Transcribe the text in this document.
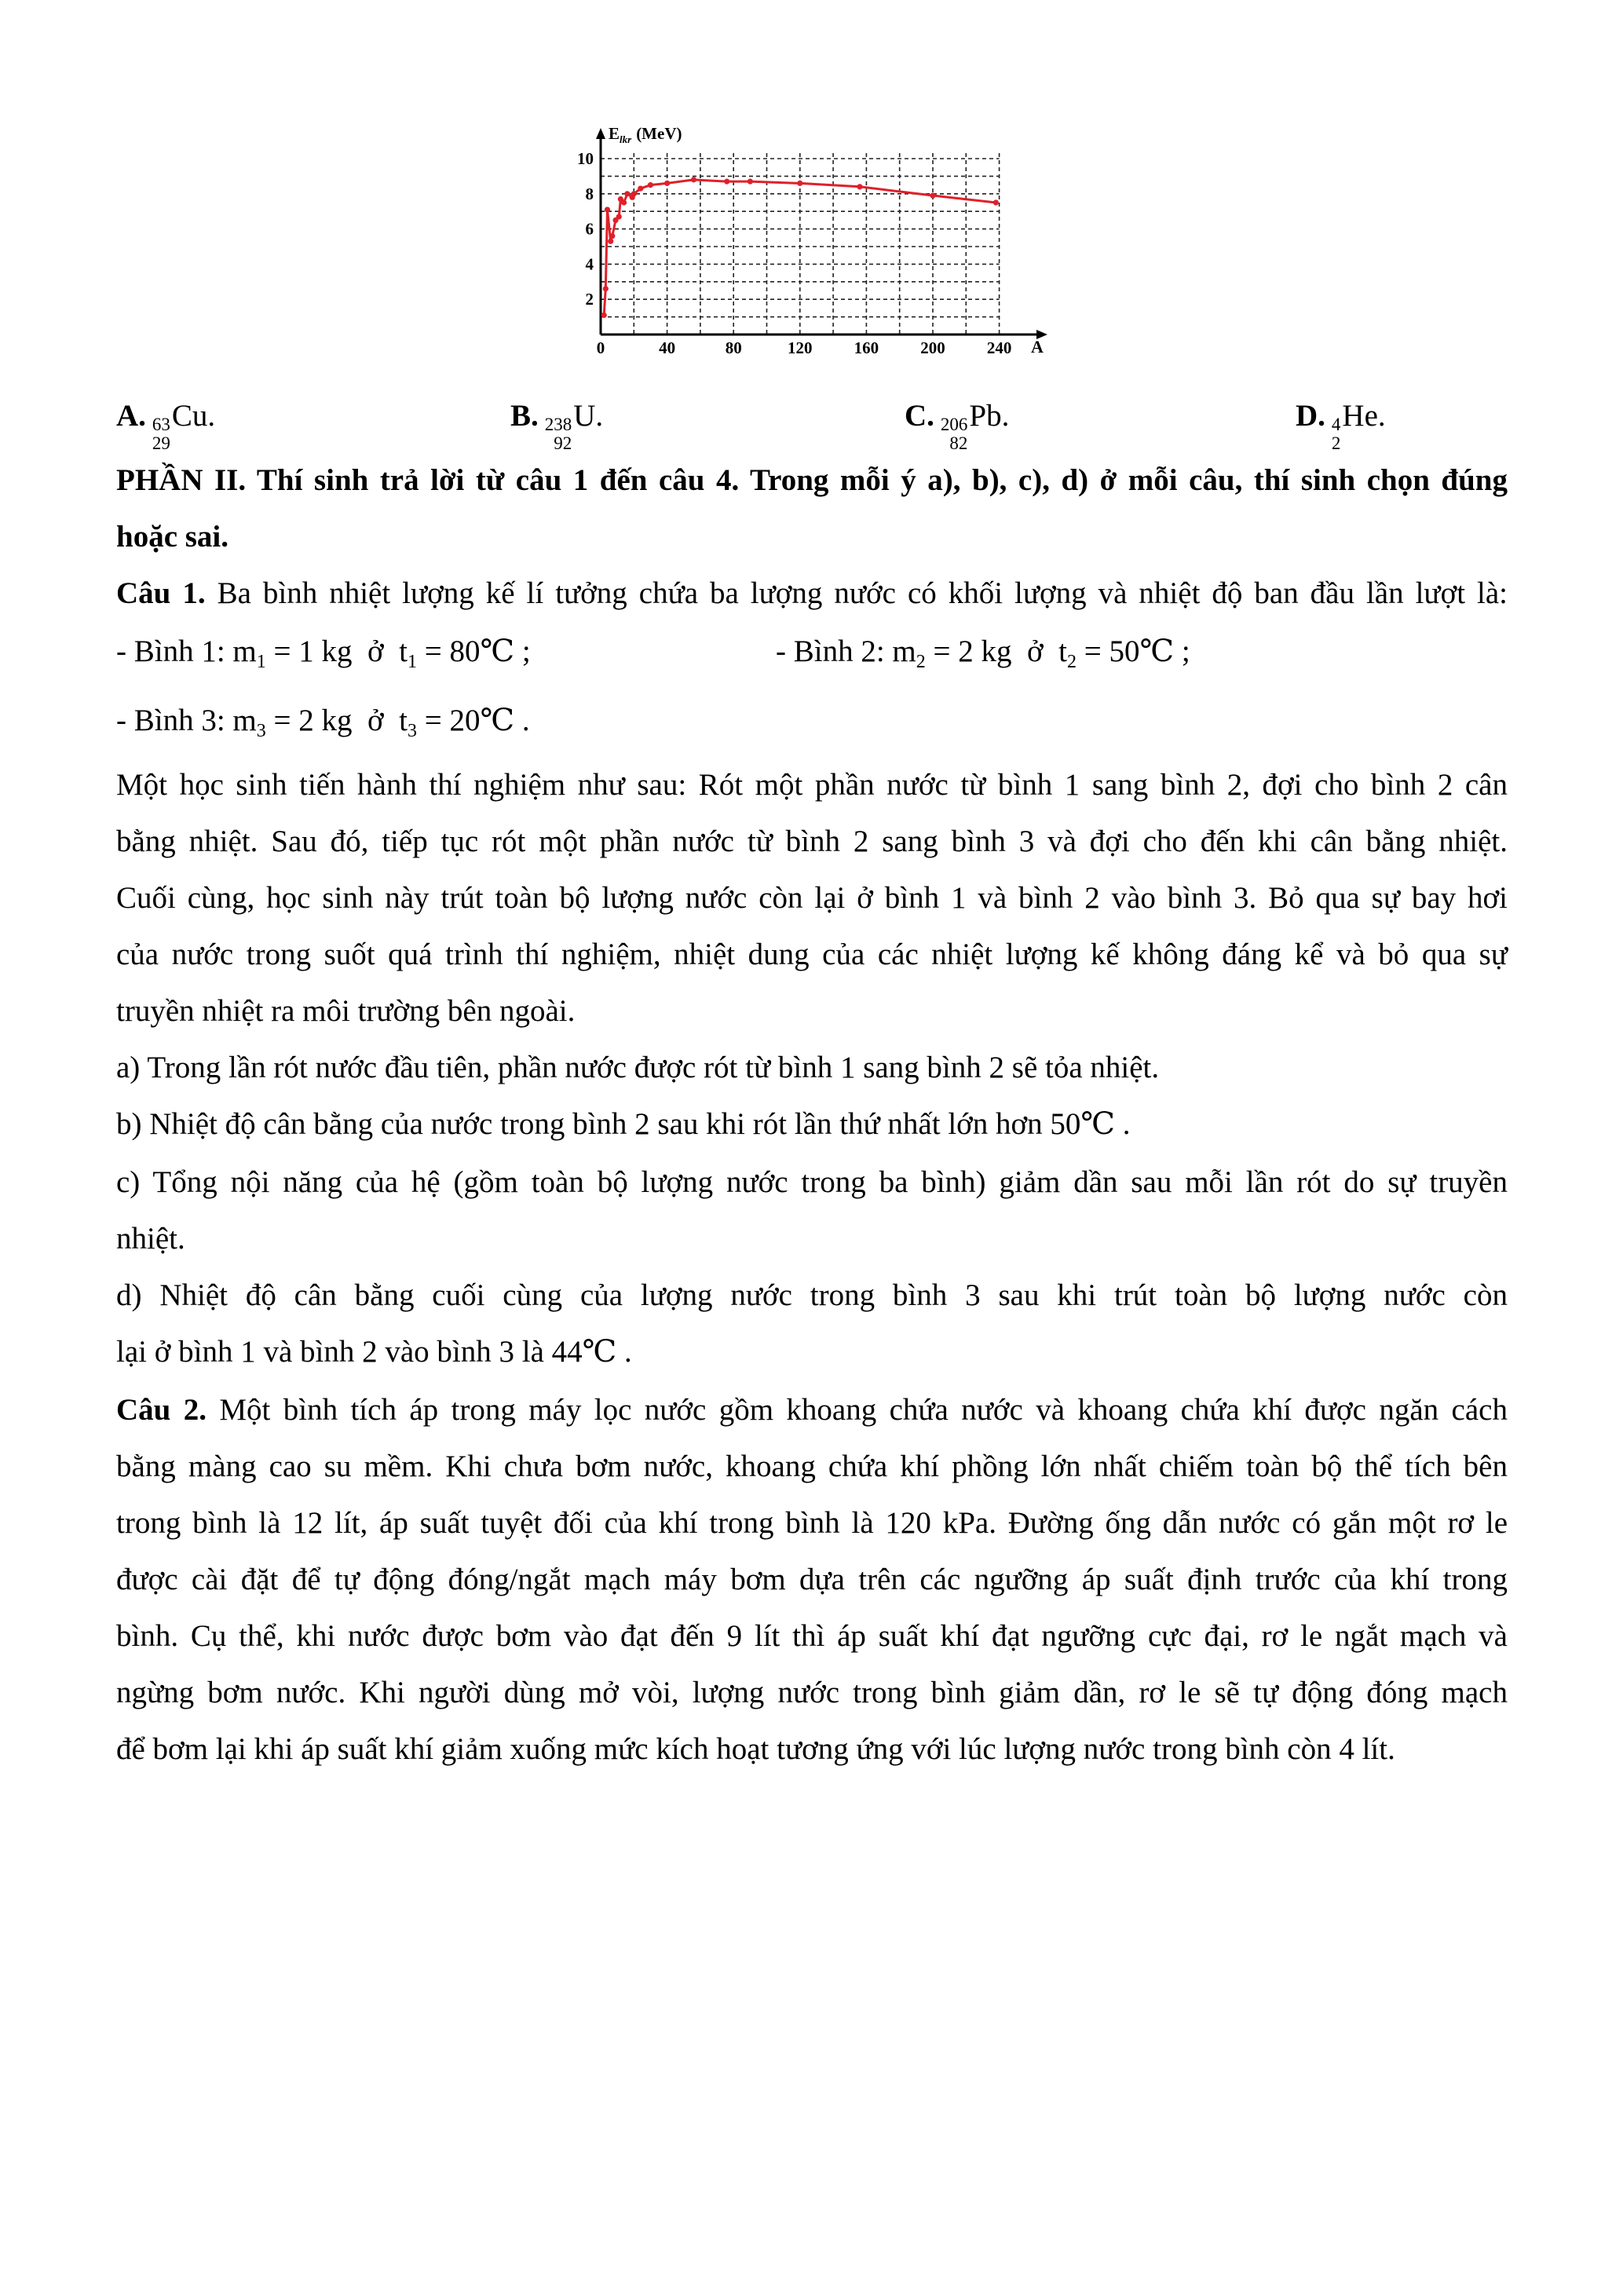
$E_{lkr}$ (MeV)
A
0	40	80	120	160	200	240
2
4
6
8
10
A. 63
29
Cu.	B. 238
92
U.	C. 206
82
Pb.	D. 4
2
He.
PHẦN II. Thí sinh trả lời từ câu 1 đến câu 4. Trong mỗi ý a), b), c), d) ở mỗi câu, thí sinh chọn đúng
hoặc sai.
Câu 1. Ba bình nhiệt lượng kế lí tưởng chứa ba lượng nước có khối lượng và nhiệt độ ban đầu lần lượt là:
- Bình 1: $m_1 = 1$ kg  ở  $t_1$ = 80℃ ;	- Bình 2: $m_2 = 2$ kg  ở  $t_2$ = 50℃ ;
- Bình 3: $m_3 = 2$ kg  ở  $t_3$ = 20℃ .
Một học sinh tiến hành thí nghiệm như sau: Rót một phần nước từ bình 1 sang bình 2, đợi cho bình 2 cân
bằng nhiệt. Sau đó, tiếp tục rót một phần nước từ bình 2 sang bình 3 và đợi cho đến khi cân bằng nhiệt.
Cuối cùng, học sinh này trút toàn bộ lượng nước còn lại ở bình 1 và bình 2 vào bình 3. Bỏ qua sự bay hơi
của nước trong suốt quá trình thí nghiệm, nhiệt dung của các nhiệt lượng kế không đáng kể và bỏ qua sự
truyền nhiệt ra môi trường bên ngoài.
a) Trong lần rót nước đầu tiên, phần nước được rót từ bình 1 sang bình 2 sẽ tỏa nhiệt.
b) Nhiệt độ cân bằng của nước trong bình 2 sau khi rót lần thứ nhất lớn hơn 50℃ .
c) Tổng nội năng của hệ (gồm toàn bộ lượng nước trong ba bình) giảm dần sau mỗi lần rót do sự truyền
nhiệt.
d) Nhiệt độ cân bằng cuối cùng của lượng nước trong bình 3 sau khi trút toàn bộ lượng nước còn
lại ở bình 1 và bình 2 vào bình 3 là 44℃ .
Câu 2. Một bình tích áp trong máy lọc nước gồm khoang chứa nước và khoang chứa khí được ngăn cách
bằng màng cao su mềm. Khi chưa bơm nước, khoang chứa khí phồng lớn nhất chiếm toàn bộ thể tích bên
trong bình là 12 lít, áp suất tuyệt đối của khí trong bình là 120 kPa. Đường ống dẫn nước có gắn một rơ le
được cài đặt để tự động đóng/ngắt mạch máy bơm dựa trên các ngưỡng áp suất định trước của khí trong
bình. Cụ thể, khi nước được bơm vào đạt đến 9 lít thì áp suất khí đạt ngưỡng cực đại, rơ le ngắt mạch và
ngừng bơm nước. Khi người dùng mở vòi, lượng nước trong bình giảm dần, rơ le sẽ tự động đóng mạch
để bơm lại khi áp suất khí giảm xuống mức kích hoạt tương ứng với lúc lượng nước trong bình còn 4 lít.
